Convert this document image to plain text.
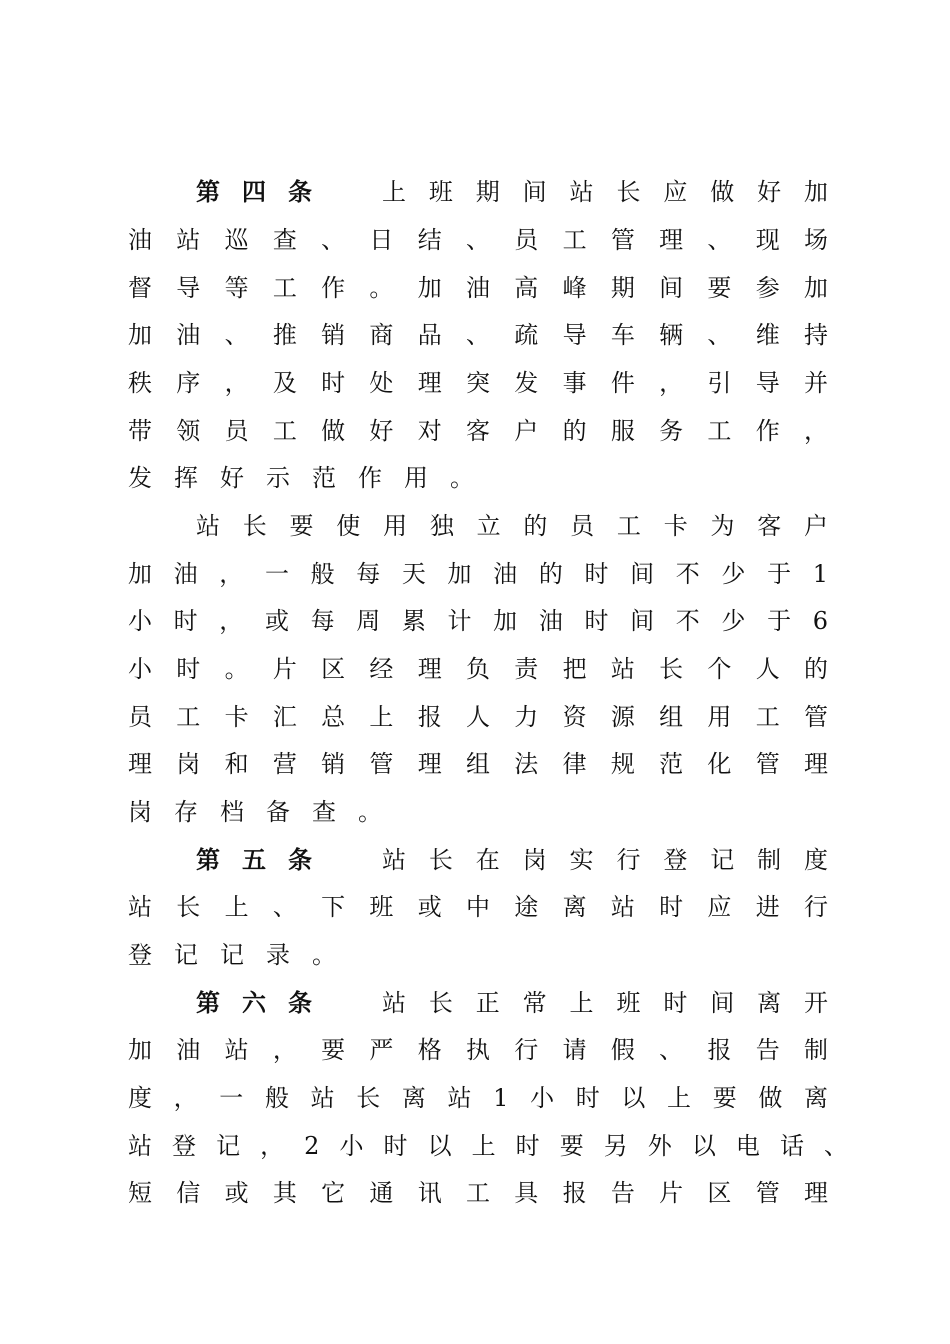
第四条 上班期间站长应做好加
油站巡查、日结、员工管理、现场
督导等工作。加油高峰期间要参加
加油、推销商品、疏导车辆、维持
秩序，及时处理突发事件，引导并
带领员工做好对客户的服务工作，
发挥好示范作用。
站长要使用独立的员工卡为客户
加油，一般每天加油的时间不少于1
小时，或每周累计加油时间不少于6
小时。片区经理负责把站长个人的
员工卡汇总上报人力资源组用工管
理岗和营销管理组法律规范化管理
岗存档备查。
第五条 站长在岗实行登记制度
站长上、下班或中途离站时应进行
登记记录。
第六条 站长正常上班时间离开
加油站，要严格执行请假、报告制
度，一般站长离站1小时以上要做离
站登记，2小时以上时要另外以电话、
短信或其它通讯工具报告片区管理
